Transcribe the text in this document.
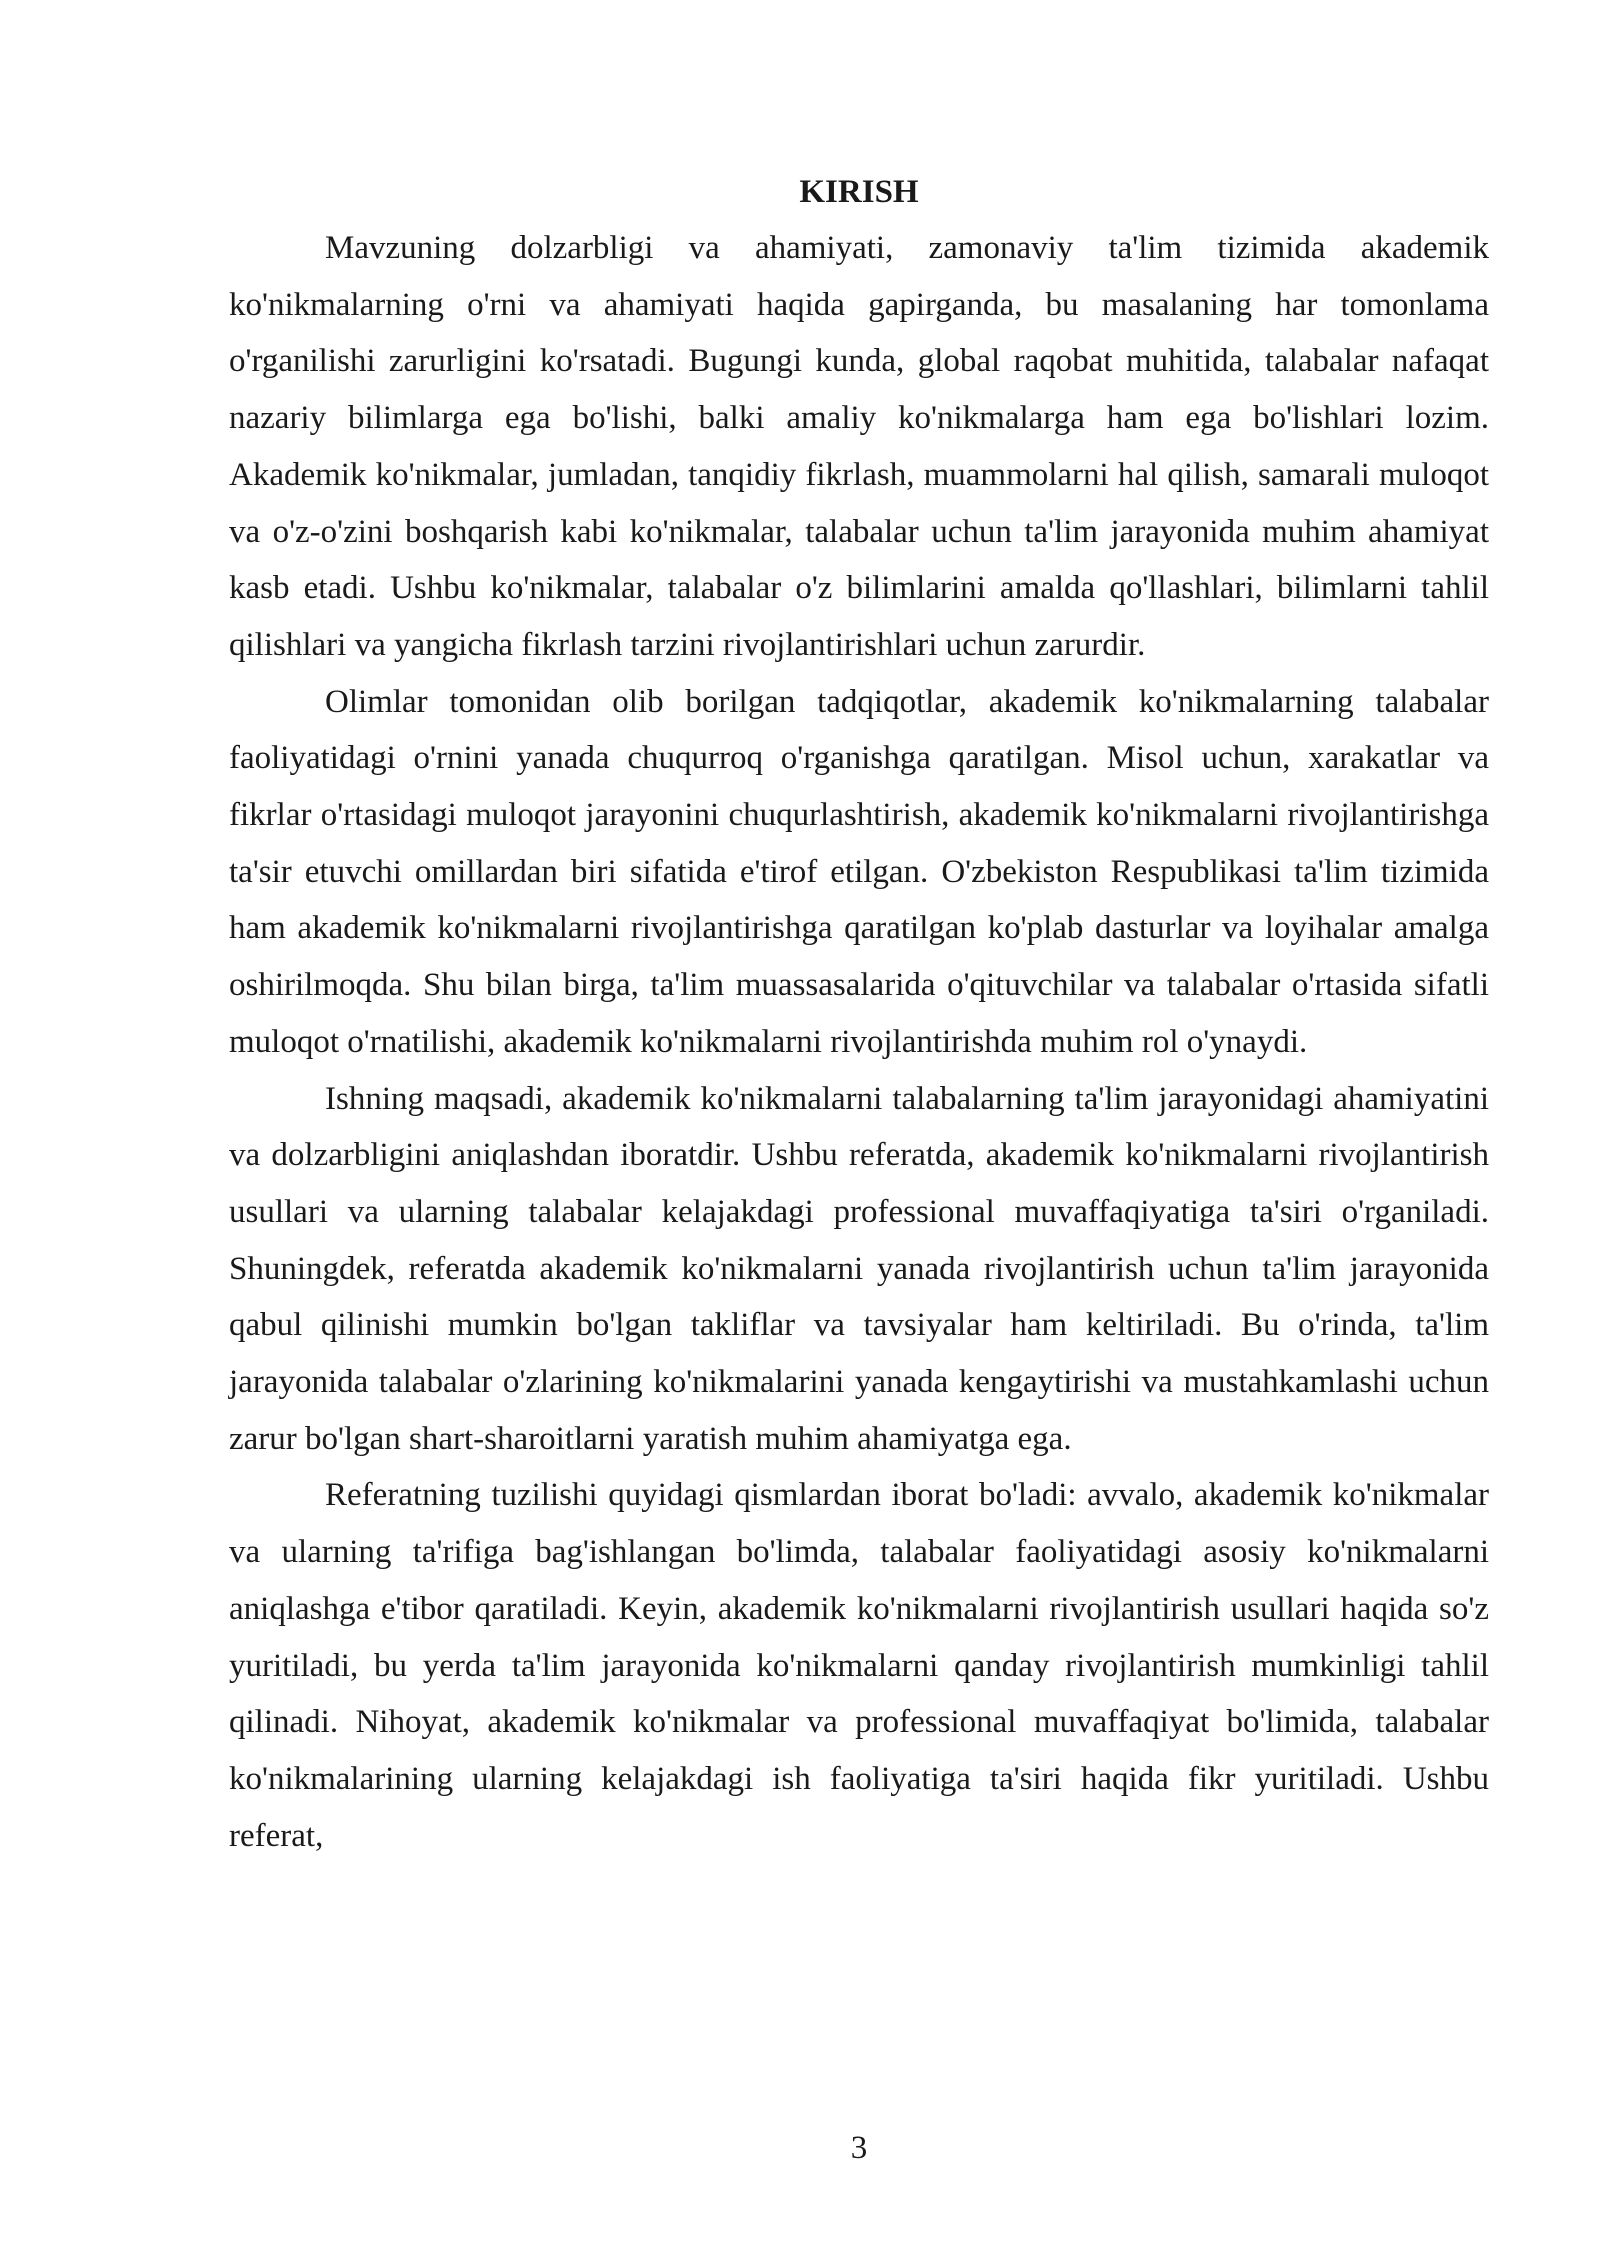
KIRISH

Mavzuning dolzarbligi va ahamiyati, zamonaviy ta'lim tizimida akademik ko'nikmalarning o'rni va ahamiyati haqida gapirganda, bu masalaning har tomonlama o'rganilishi zarurligini ko'rsatadi. Bugungi kunda, global raqobat muhitida, talabalar nafaqat nazariy bilimlarga ega bo'lishi, balki amaliy ko'nikmalarga ham ega bo'lishlari lozim. Akademik ko'nikmalar, jumladan, tanqidiy fikrlash, muammolarni hal qilish, samarali muloqot va o'z-o'zini boshqarish kabi ko'nikmalar, talabalar uchun ta'lim jarayonida muhim ahamiyat kasb etadi. Ushbu ko'nikmalar, talabalar o'z bilimlarini amalda qo'llashlari, bilimlarni tahlil qilishlari va yangicha fikrlash tarzini rivojlantirishlari uchun zarurdir.

Olimlar tomonidan olib borilgan tadqiqotlar, akademik ko'nikmalarning talabalar faoliyatidagi o'rnini yanada chuqurroq o'rganishga qaratilgan. Misol uchun, xarakatlar va fikrlar o'rtasidagi muloqot jarayonini chuqurlashtirish, akademik ko'nikmalarni rivojlantirishga ta'sir etuvchi omillardan biri sifatida e'tirof etilgan. O'zbekiston Respublikasi ta'lim tizimida ham akademik ko'nikmalarni rivojlantirishga qaratilgan ko'plab dasturlar va loyihalar amalga oshirilmoqda. Shu bilan birga, ta'lim muassasalarida o'qituvchilar va talabalar o'rtasida sifatli muloqot o'rnatilishi, akademik ko'nikmalarni rivojlantirishda muhim rol o'ynaydi.

Ishning maqsadi, akademik ko'nikmalarni talabalarning ta'lim jarayonidagi ahamiyatini va dolzarbligini aniqlashdan iboratdir. Ushbu referatda, akademik ko'nikmalarni rivojlantirish usullari va ularning talabalar kelajakdagi professional muvaffaqiyatiga ta'siri o'rganiladi. Shuningdek, referatda akademik ko'nikmalarni yanada rivojlantirish uchun ta'lim jarayonida qabul qilinishi mumkin bo'lgan takliflar va tavsiyalar ham keltiriladi. Bu o'rinda, ta'lim jarayonida talabalar o'zlarining ko'nikmalarini yanada kengaytirishi va mustahkamlashi uchun zarur bo'lgan shart-sharoitlarni yaratish muhim ahamiyatga ega.

Referatning tuzilishi quyidagi qismlardan iborat bo'ladi: avvalo, akademik ko'nikmalar va ularning ta'rifiga bag'ishlangan bo'limda, talabalar faoliyatidagi asosiy ko'nikmalarni aniqlashga e'tibor qaratiladi. Keyin, akademik ko'nikmalarni rivojlantirish usullari haqida so'z yuritiladi, bu yerda ta'lim jarayonida ko'nikmalarni qanday rivojlantirish mumkinligi tahlil qilinadi. Nihoyat, akademik ko'nikmalar va professional muvaffaqiyat bo'limida, talabalar ko'nikmalarining ularning kelajakdagi ish faoliyatiga ta'siri haqida fikr yuritiladi. Ushbu referat,

3
